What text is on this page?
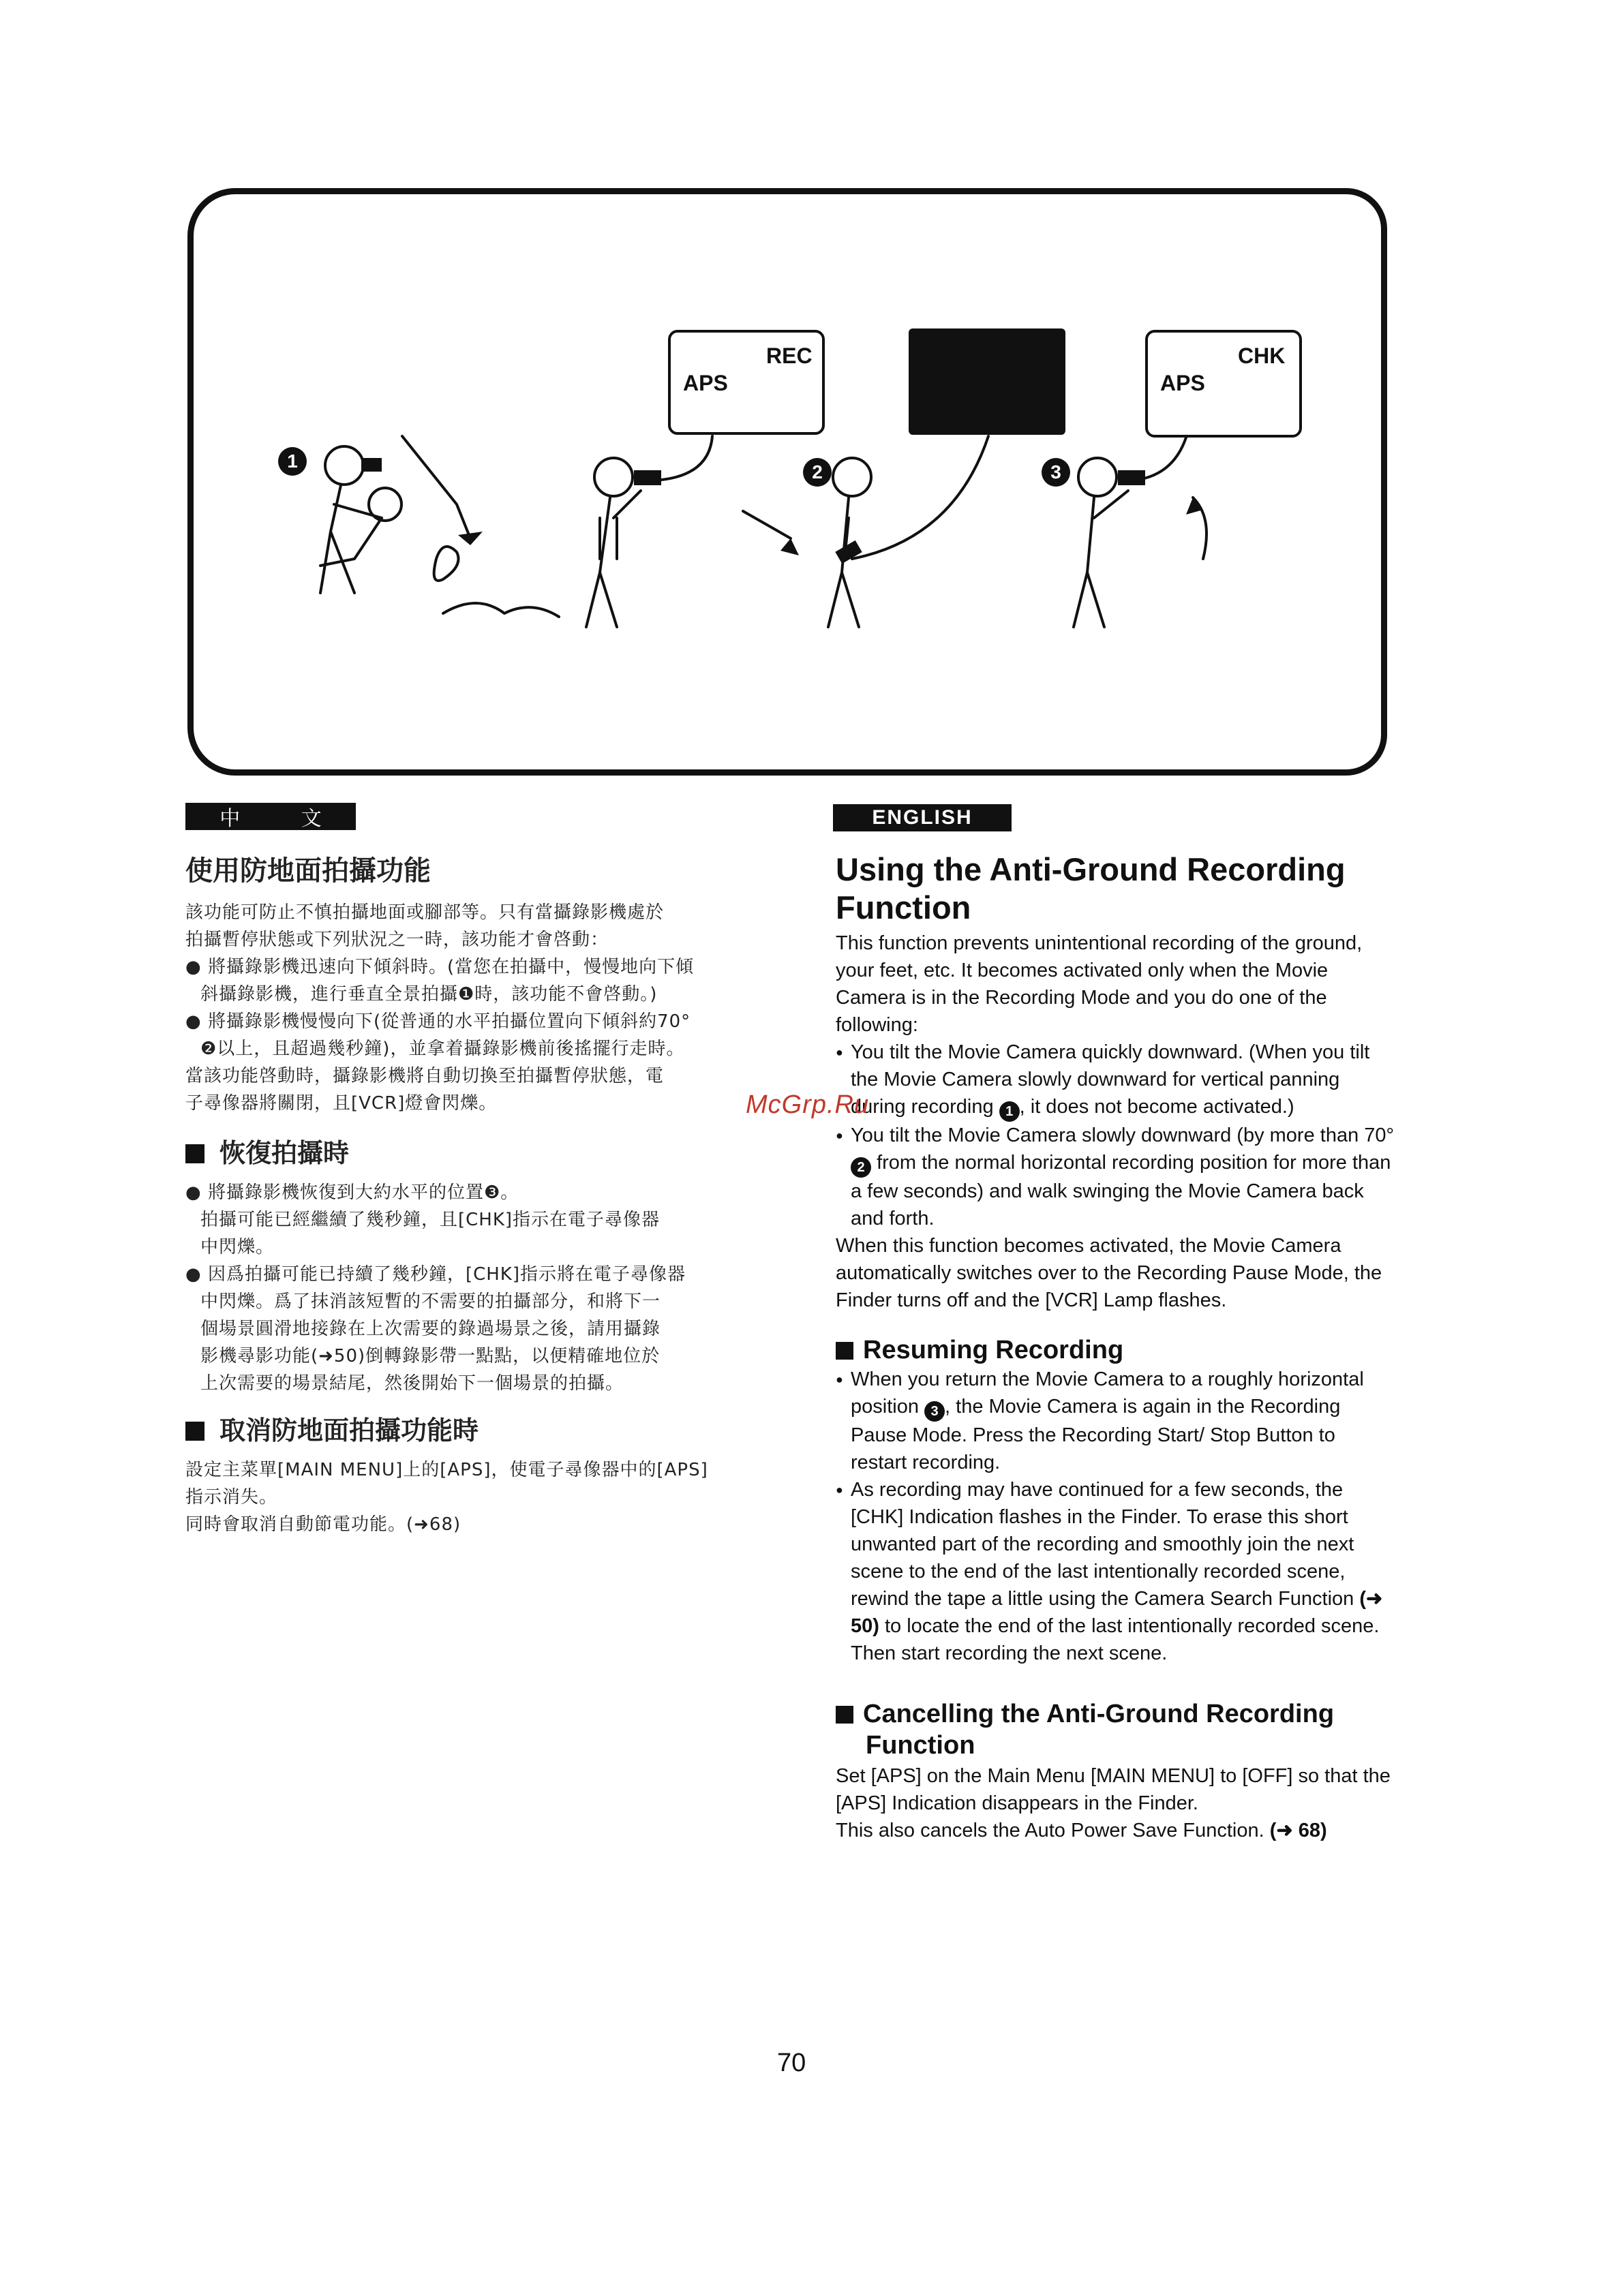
REC
APS
CHK
APS
1
2	3
中 文
使用防地面拍攝功能
該功能可防止不慎拍攝地面或腳部等。只有當攝錄影機處於
拍攝暫停狀態或下列狀況之一時，該功能才會啓動：
● 將攝錄影機迅速向下傾斜時。(當您在拍攝中，慢慢地向下傾
斜攝錄影機，進行垂直全景拍攝❶時，該功能不會啓動。)
● 將攝錄影機慢慢向下(從普通的水平拍攝位置向下傾斜約70°
❷以上，且超過幾秒鐘)，並拿着攝錄影機前後搖擺行走時。
當該功能啓動時，攝錄影機將自動切換至拍攝暫停狀態，電
子尋像器將關閉，且[VCR]燈會閃爍。
恢復拍攝時
● 將攝錄影機恢復到大約水平的位置❸。
拍攝可能已經繼續了幾秒鐘，且[CHK]指示在電子尋像器
中閃爍。
● 因爲拍攝可能已持續了幾秒鐘，[CHK]指示將在電子尋像器
中閃爍。爲了抹消該短暫的不需要的拍攝部分，和將下一
個場景圓滑地接錄在上次需要的錄過場景之後，請用攝錄
影機尋影功能(➜50)倒轉錄影帶一點點，以便精確地位於
上次需要的場景結尾，然後開始下一個場景的拍攝。
取消防地面拍攝功能時
設定主菜單[MAIN MENU]上的[APS]，使電子尋像器中的[APS]
指示消失。
同時會取消自動節電功能。(➜68)
ENGLISH
Using the Anti-Ground Recording Function
This function prevents unintentional recording of the ground, your feet, etc. It becomes activated only when the Movie Camera is in the Recording Mode and you do one of the following:
● You tilt the Movie Camera quickly downward. (When you tilt the Movie Camera slowly downward for vertical panning during recording 1 , it does not become activated.)
● You tilt the Movie Camera slowly downward (by more than 70° 2 from the normal horizontal recording position for more than a few seconds) and walk swinging the Movie Camera back and forth.
When this function becomes activated, the Movie Camera automatically switches over to the Recording Pause Mode, the Finder turns off and the [VCR] Lamp flashes.
Resuming Recording
● When you return the Movie Camera to a roughly horizontal position 3 , the Movie Camera is again in the Recording Pause Mode. Press the Recording Start/ Stop Button to restart recording.
● As recording may have continued for a few seconds, the [CHK] Indication flashes in the Finder. To erase this short unwanted part of the recording and smoothly join the next scene to the end of the last intentionally recorded scene, rewind the tape a little using the Camera Search Function (➜ 50) to locate the end of the last intentionally recorded scene. Then start recording the next scene.
Cancelling the Anti-Ground Recording Function
Set [APS] on the Main Menu [MAIN MENU] to [OFF] so that the [APS] Indication disappears in the Finder.
This also cancels the Auto Power Save Function. (➜ 68)
McGrp.Ru
70
